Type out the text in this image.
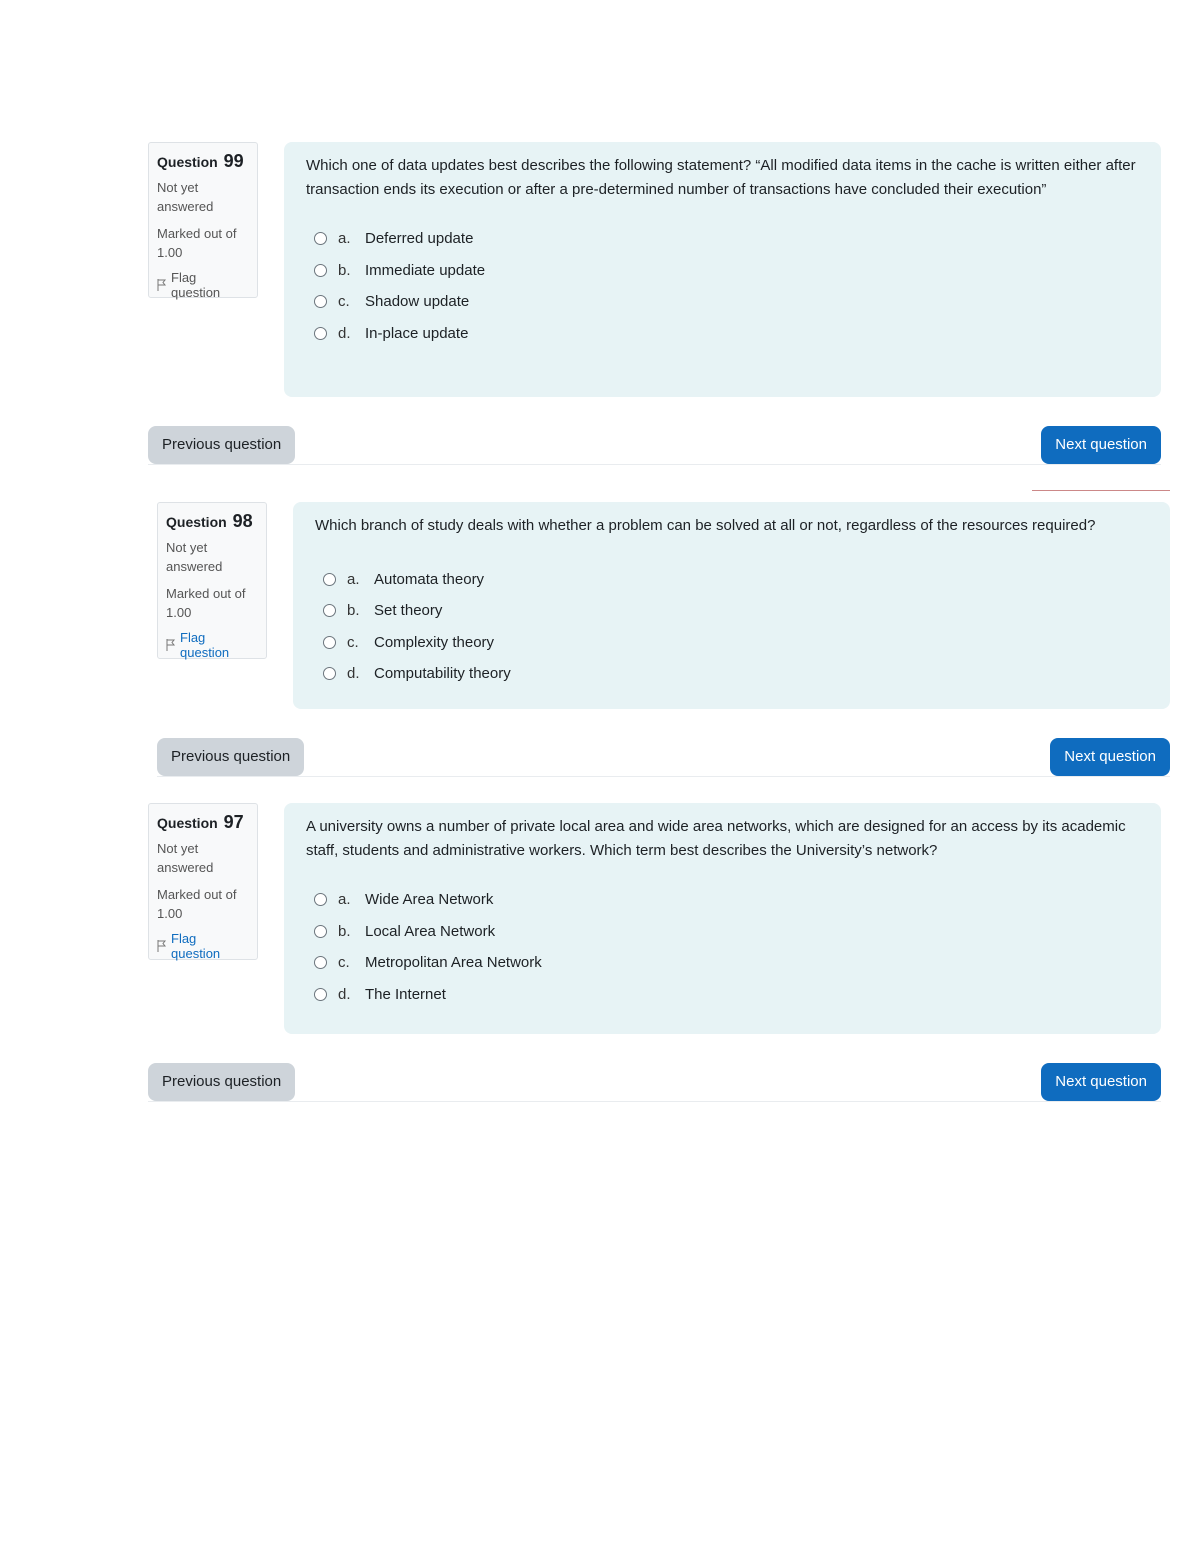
Question 99
Not yet answered
Marked out of 1.00
Flag question

Which one of data updates best describes the following statement? “All modified data items in the cache is written either after transaction ends its execution or after a pre-determined number of transactions have concluded their execution”

a. Deferred update
b. Immediate update
c.	Shadow update
d. In-place update
Previous question	Next question
Question 98
Not yet answered
Marked out of 1.00
Flag question

Which branch of study deals with whether a problem can be solved at all or not, regardless of the resources required?

a. Automata theory
b. Set theory
c.	Complexity theory
d. Computability theory
Previous question	Next question
Question 97
Not yet answered
Marked out of 1.00
Flag question

A university owns a number of private local area and wide area networks, which are designed for an access by its academic staff, students and administrative workers. Which term best describes the University’s network?

a. Wide Area Network
b. Local Area Network
c.	Metropolitan Area Network
d. The Internet
Previous question	Next question
